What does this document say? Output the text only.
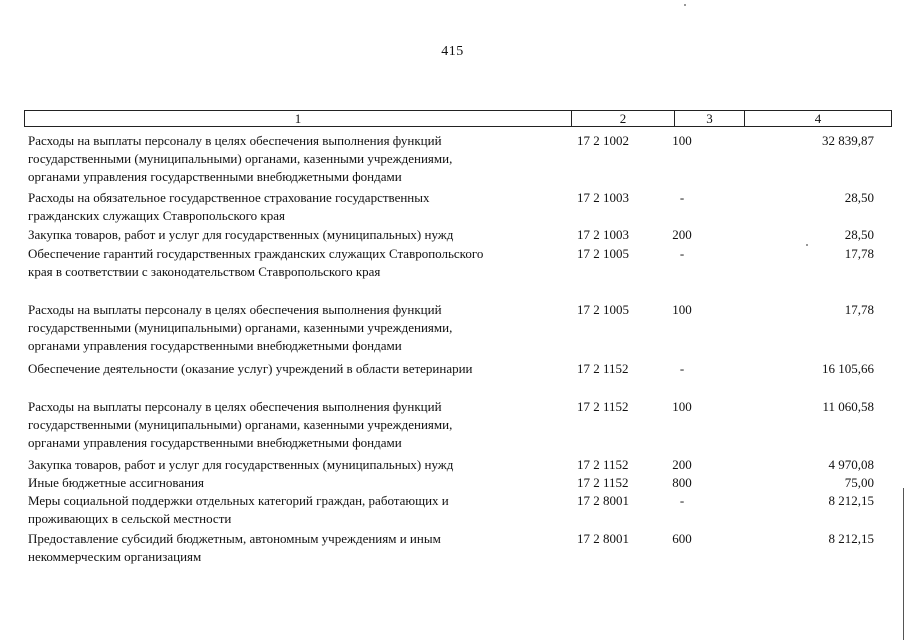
415
1	2	3	4
Расходы на выплаты персоналу в целях обеспечения выполнения функций
государственными (муниципальными) органами, казенными учреждениями,
органами управления государственными внебюджетными фондами
17 2 1002	100	32 839,87
Расходы на обязательное государственное страхование государственных
гражданских служащих Ставропольского края
17 2 1003	-	28,50
Закупка товаров, работ и услуг для государственных (муниципальных) нужд	17 2 1003	200	28,50
Обеспечение гарантий государственных гражданских служащих Ставропольского
края в соответствии с законодательством Ставропольского края
17 2 1005	-	17,78
Расходы на выплаты персоналу в целях обеспечения выполнения функций
государственными (муниципальными) органами, казенными учреждениями,
органами управления государственными внебюджетными фондами
17 2 1005	100	17,78
Обеспечение деятельности (оказание услуг) учреждений в области ветеринарии	17 2 1152	-	16 105,66
Расходы на выплаты персоналу в целях обеспечения выполнения функций
государственными (муниципальными) органами, казенными учреждениями,
органами управления государственными внебюджетными фондами
17 2 1152	100	11 060,58
Закупка товаров, работ и услуг для государственных (муниципальных) нужд	17 2 1152	200	4 970,08
Иные бюджетные ассигнования	17 2 1152	800	75,00
Меры социальной поддержки отдельных категорий граждан, работающих и
проживающих в сельской местности
17 2 8001	-	8 212,15
Предоставление субсидий бюджетным, автономным учреждениям и иным
некоммерческим организациям
17 2 8001	600	8 212,15
